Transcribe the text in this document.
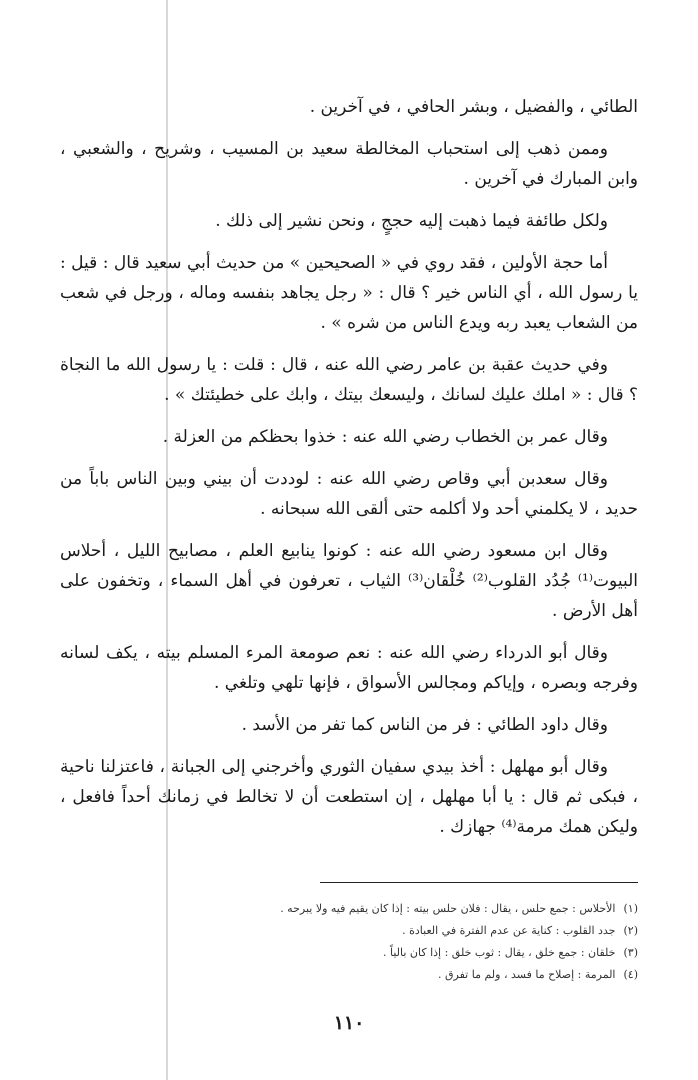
الطائي ، والفضيل ، وبشر الحافي ، في آخرين .

وممن ذهب إلى استحباب المخالطة سعيد بن المسيب ، وشريح ، والشعبي ، وابن المبارك في آخرين .

ولكل طائفة فيما ذهبت إليه حججٍ ، ونحن نشير إلى ذلك .

أما حجة الأولين ، فقد روي في « الصحيحين » من حديث أبي سعيد قال : قيل : يا رسول الله ، أي الناس خير ؟ قال : « رجل يجاهد بنفسه وماله ، ورجل في شعب من الشعاب يعبد ربه ويدع الناس من شره » .

وفي حديث عقبة بن عامر رضي الله عنه ، قال : قلت : يا رسول الله ما النجاة ؟ قال : « املك عليك لسانك ، وليسعك بيتك ، وابك على خطيئتك » .

وقال عمر بن الخطاب رضي الله عنه : خذوا بحظكم من العزلة .

وقال سعدبن أبي وقاص رضي الله عنه : لوددت أن بيني وبين الناس باباً من حديد ، لا يكلمني أحد ولا أكلمه حتى ألقى الله سبحانه .

وقال ابن مسعود رضي الله عنه : كونوا ينابيع العلم ، مصابيح الليل ، أحلاس البيوت⁽¹⁾ جُدُد القلوب⁽²⁾ خُلْقان⁽³⁾ الثياب ، تعرفون في أهل السماء ، وتخفون على أهل الأرض .

وقال أبو الدرداء رضي الله عنه : نعم صومعة المرء المسلم بيته ، يكف لسانه وفرجه وبصره ، وإياكم ومجالس الأسواق ، فإنها تلهي وتلغي .

وقال داود الطائي : فر من الناس كما تفر من الأسد .

وقال أبو مهلهل : أخذ بيدي سفيان الثوري وأخرجني إلى الجبانة ، فاعتزلنا ناحية ، فبكى ثم قال : يا أبا مهلهل ، إن استطعت أن لا تخالط في زمانك أحداً فافعل ، وليكن همك مرمة⁽⁴⁾ جهازك .

(١)الأحلاس : جمع حلس ، يقال : فلان حلس بيته : إذا كان يقيم فيه ولا يبرحه .
(٢)جدد القلوب : كناية عن عدم الفترة في العبادة .
(٣)خلقان : جمع خلق ، يقال : ثوب خلق : إذا كان بالياً .
(٤)المرمة : إصلاح ما فسد ، ولم ما تفرق .
١١٠
